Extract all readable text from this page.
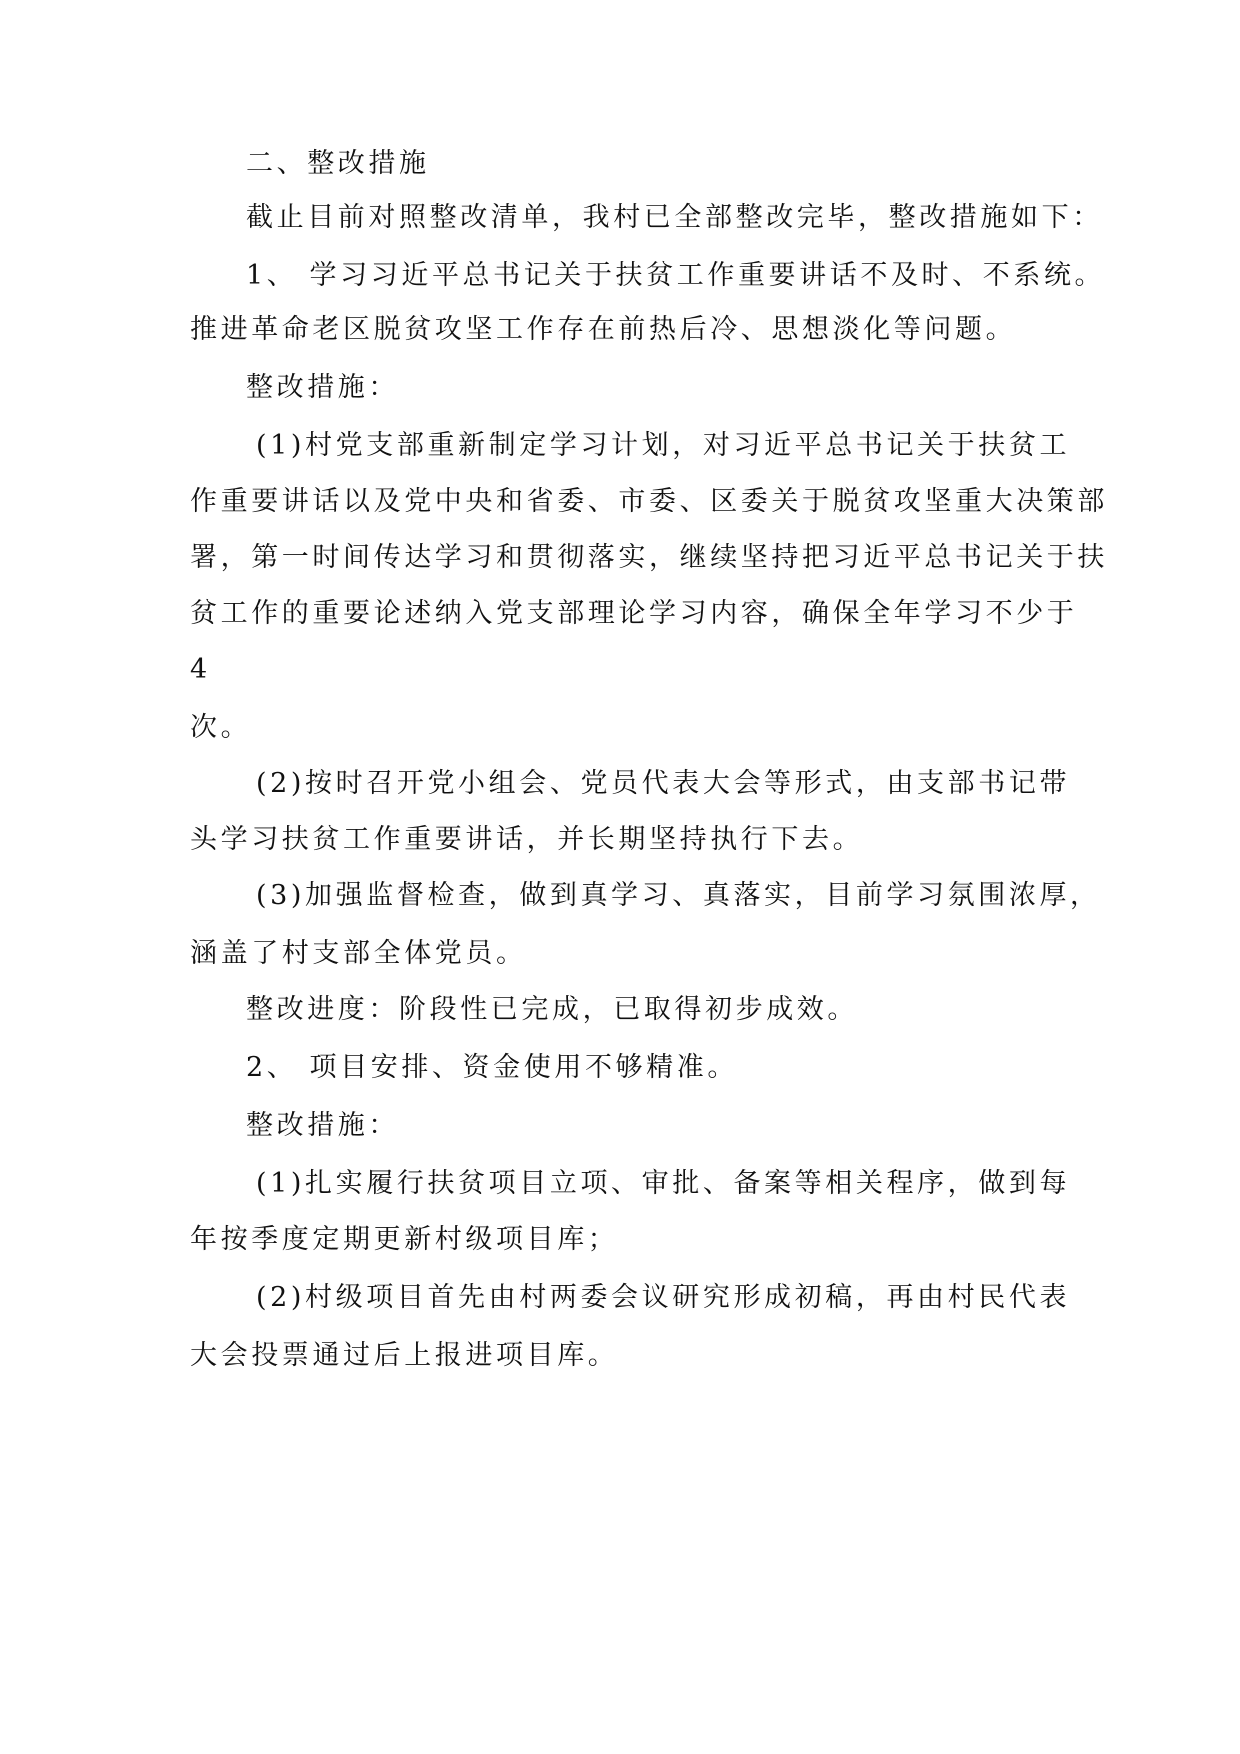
二、整改措施

截止目前对照整改清单，我村已全部整改完毕，整改措施如下：

1、 学习习近平总书记关于扶贫工作重要讲话不及时、不系统。

推进革命老区脱贫攻坚工作存在前热后冷、思想淡化等问题。

整改措施：

(1)村党支部重新制定学习计划，对习近平总书记关于扶贫工

作重要讲话以及党中央和省委、市委、区委关于脱贫攻坚重大决策部

署，第一时间传达学习和贯彻落实，继续坚持把习近平总书记关于扶

贫工作的重要论述纳入党支部理论学习内容，确保全年学习不少于

4

次。

(2)按时召开党小组会、党员代表大会等形式，由支部书记带

头学习扶贫工作重要讲话，并长期坚持执行下去。

(3)加强监督检查，做到真学习、真落实，目前学习氛围浓厚，

涵盖了村支部全体党员。

整改进度：阶段性已完成，已取得初步成效。

2、 项目安排、资金使用不够精准。

整改措施：

(1)扎实履行扶贫项目立项、审批、备案等相关程序，做到每

年按季度定期更新村级项目库；

(2)村级项目首先由村两委会议研究形成初稿，再由村民代表

大会投票通过后上报进项目库。
